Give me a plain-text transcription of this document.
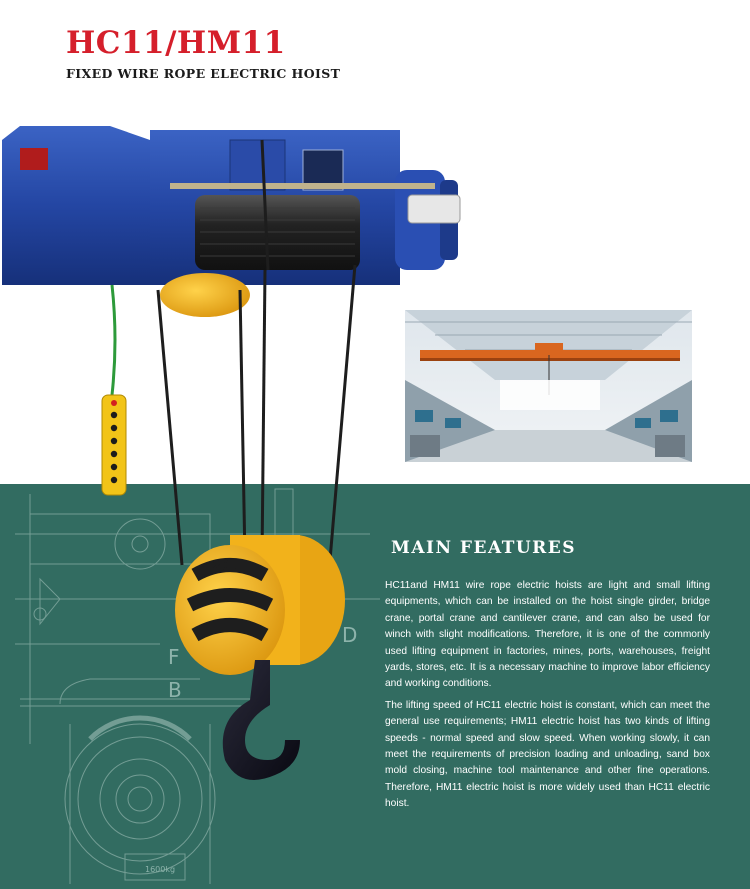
HC11/HM11
FIXED WIRE ROPE ELECTRIC HOIST
D
F
B
1600kg
20t
MAIN FEATURES

HC11and HM11 wire rope electric hoists are light and small lifting equipments, which can be installed on the hoist single girder, bridge crane, portal crane and cantilever crane, and can also be used for winch with slight modifications. Therefore, it is one of the commonly used lifting equipment in factories, mines, ports, warehouses, freight yards, stores, etc. It is a necessary machine to improve labor efficiency and working conditions.

The lifting speed of HC11 electric hoist is constant, which can meet the general use requirements; HM11 electric hoist has two kinds of lifting speeds - normal speed and slow speed. When working slowly, it can meet the requirements of precision loading and unloading, sand box mold closing, machine tool maintenance and other fine operations. Therefore, HM11 electric hoist is more widely used than HC11 electric hoist.
